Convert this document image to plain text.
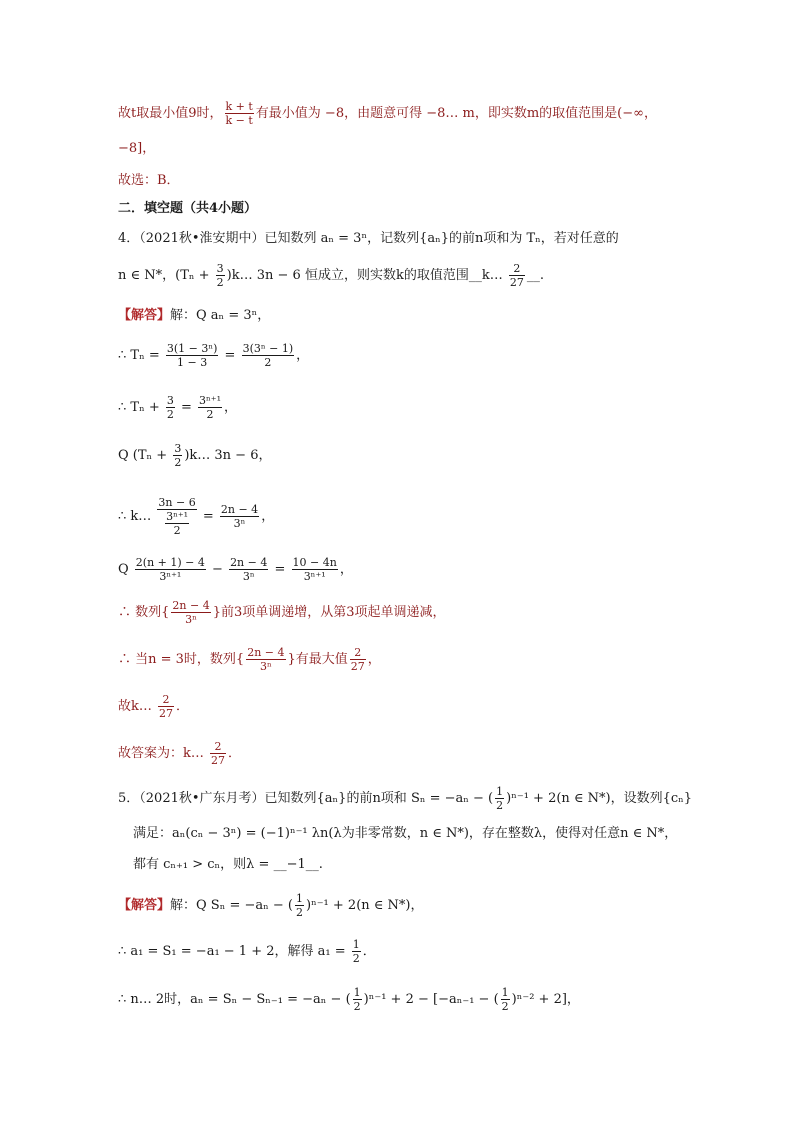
故t取最小值9时， $\frac{k + t}{k - t}$ 有最小值为 −8，由题意可得 −8… m，即实数m的取值范围是(−∞，
−8]，
故选：B．
二．填空题（共4小题）
4．（2021秋•淮安期中）已知数列 aₙ = 3ⁿ，记数列{aₙ}的前n项和为 Tₙ，若对任意的
n ∈ N*，($T_n + \frac{3}{2}$ )k… 3n − 6 恒成立，则实数k的取值范围__k… $\frac{2}{27}$ __.
【解答】解：Q aₙ = 3ⁿ，
∴ $T_n = \frac{\text{3(1 − 3ⁿ)}}{1 - 3} = \frac{\text{3(3ⁿ − 1)}}{2}$ ，
∴ $T_n + \frac{3}{2} = \frac{\text{3ⁿ⁺¹}}{2}$ ，
Q ($T_n + \frac{3}{2}$ )k… 3n − 6，
∴ k… $\frac{3n - 6}{\frac{\text{3ⁿ⁺¹}}{2}} = \frac{2n - 4}{\text{3ⁿ}}$ ，
Q $\frac{2(n + 1) - 4}{\text{3ⁿ⁺¹}} - \frac{2n - 4}{\text{3ⁿ}} = \frac{10 - 4n}{\text{3ⁿ⁺¹}}$ ，
∴ 数列{ $\frac{2n - 4}{\text{3ⁿ}}$ }前3项单调递增，从第3项起单调递减，
∴ 当n = 3时，数列{ $\frac{2n - 4}{\text{3ⁿ}}$ }有最大值 $\frac{2}{27}$ ，
故k… $\frac{2}{27}$ ．
故答案为：k… $\frac{2}{27}$ ．
5．（2021秋•广东月考）已知数列{aₙ}的前n项和 Sₙ = −aₙ − ( $\frac{1}{2} )^{n-1} + 2(n$ ∈ N*)，设数列{cₙ}
满足：aₙ(cₙ − 3ⁿ) = (−1)ⁿ⁻¹ λn(λ为非零常数，n ∈ N*)，存在整数λ，使得对任意n ∈ N*，
都有 cₙ₊₁ > cₙ，则λ = __−1__.
【解答】解：Q Sₙ = −aₙ − ( $\frac{1}{2} )^{n-1} + 2(n$ ∈ N*)，
∴ a₁ = S₁ = −a₁ − 1 + 2，解得 $a_1 = \frac{1}{2}$ ．
∴ n… 2时，aₙ = Sₙ − Sₙ₋₁ = −aₙ − ( $\frac{1}{2} )^{n-1} + 2 - [-a_{n-1}$ − ( $\frac{1}{2} )^{n-2} + 2$]，
